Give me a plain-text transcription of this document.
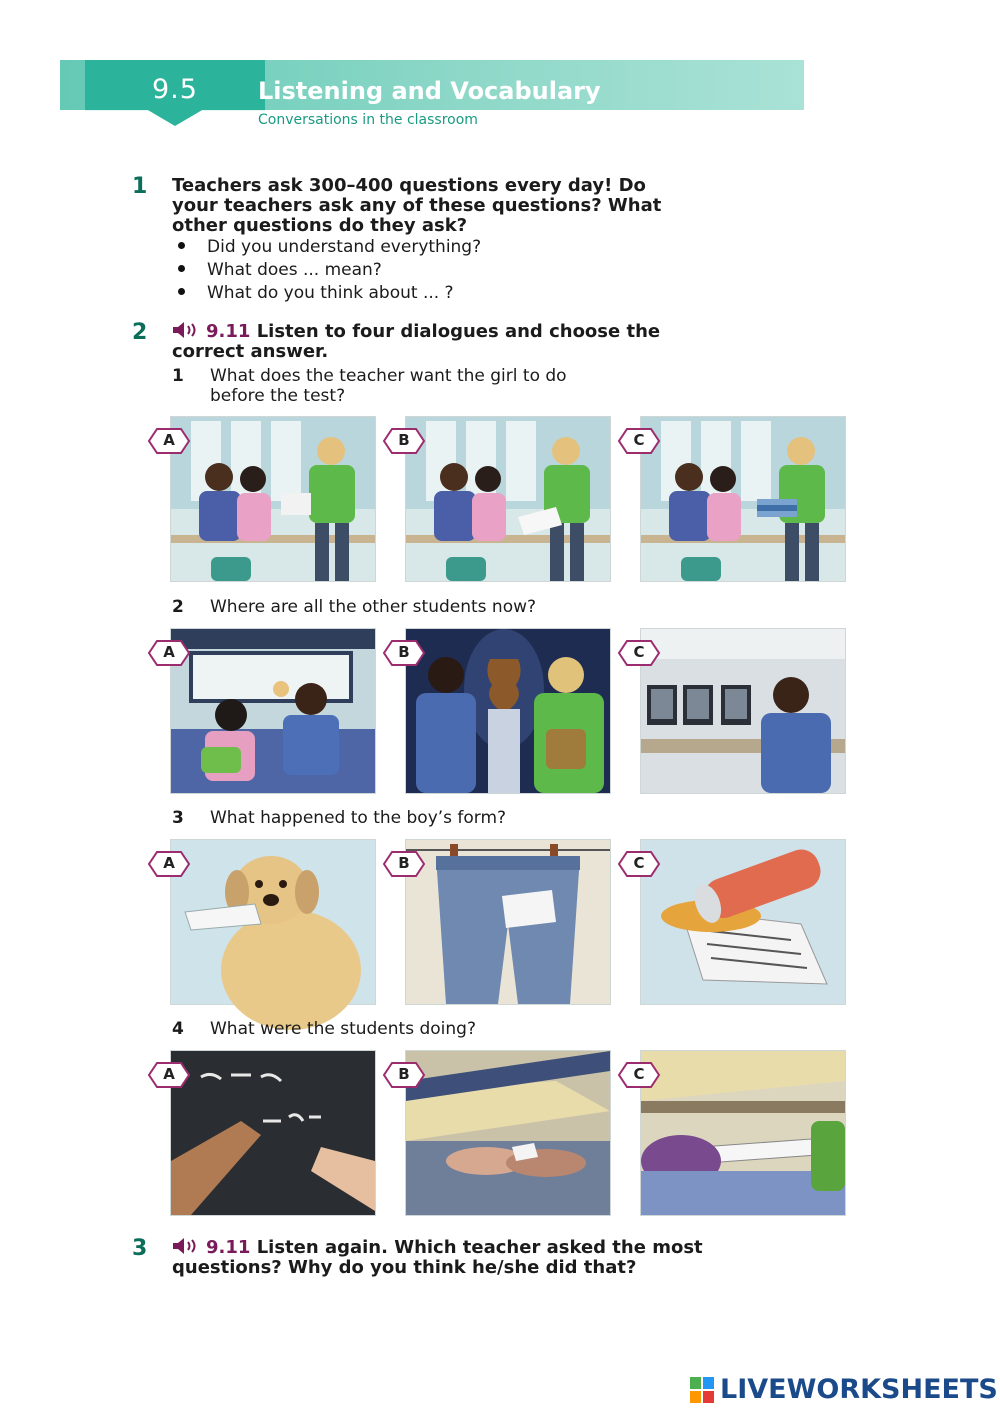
9.5	Listening and Vocabulary
Conversations in the classroom
1 Teachers ask 300–400 questions every day! Do
your teachers ask any of these questions? What
other questions do they ask?
Did you understand everything?
What does ... mean?
What do you think about ... ?
2	9.11 Listen to four dialogues and choose the
correct answer.
1 What does the teacher want the girl to do
before the test?
A	B	C
2 Where are all the other students now?
A	B	C
3 What happened to the boy’s form?
A	B	C
4 What were the students doing?
A	B	C
3	9.11 Listen again. Which teacher asked the most
questions? Why do you think he/she did that?
LIVEWORKSHEETS
